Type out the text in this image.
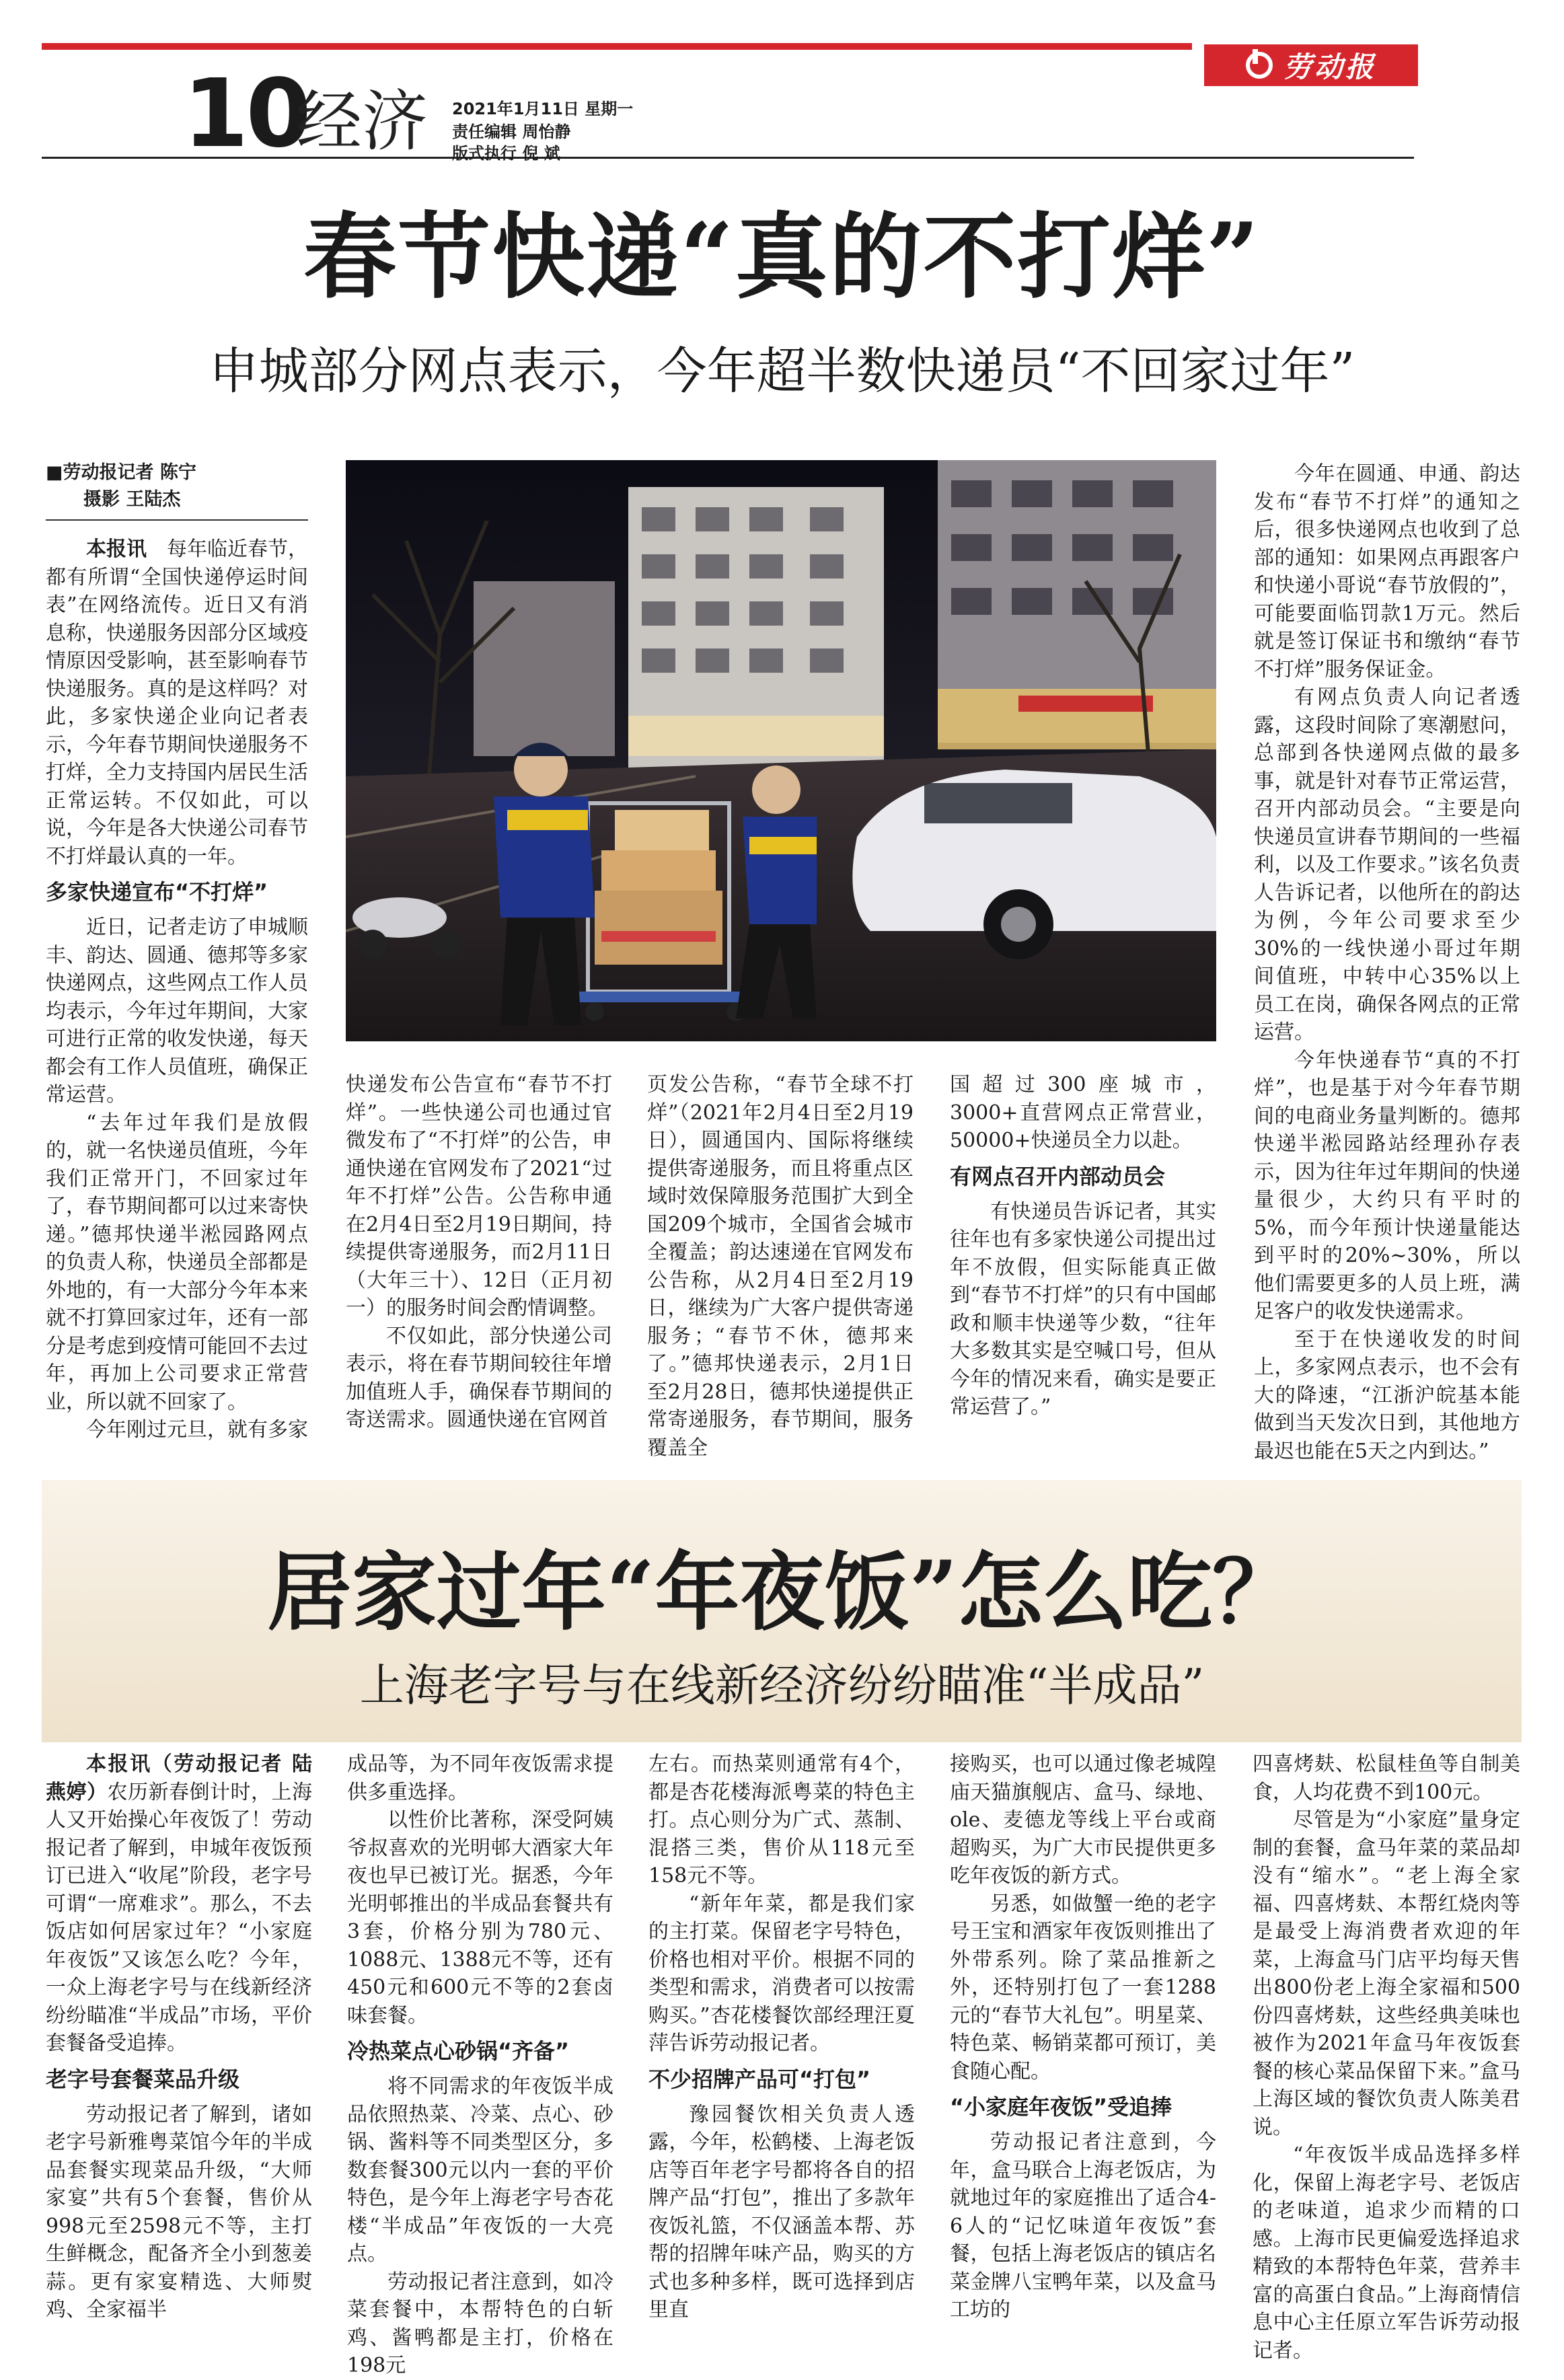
劳动报
10
经济 2021年1月11日 星期一
责任编辑 周怡静
版式执行 倪 斌
春节快递“真的不打烊”
申城部分网点表示，今年超半数快递员“不回家过年”
■劳动报记者 陈宁
摄影 王陆杰

本报讯　 每年临近春节，都有所谓“全国快递停运时间表”在网络流传。近日又有消息称，快递服务因部分区域疫情原因受影响，甚至影响春节快递服务。真的是这样吗？对此，多家快递企业向记者表示，今年春节期间快递服务不打烊，全力支持国内居民生活正常运转。不仅如此，可以说，今年是各大快递公司春节不打烊最认真的一年。

多家快递宣布“不打烊”

近日，记者走访了申城顺丰、韵达、圆通、德邦等多家快递网点，这些网点工作人员均表示，今年过年期间，大家可进行正常的收发快递，每天都会有工作人员值班，确保正常运营。

“去年过年我们是放假的，就一名快递员值班，今年我们正常开门，不回家过年了，春节期间都可以过来寄快递。”德邦快递半淞园路网点的负责人称，快递员全部都是外地的，有一大部分今年本来就不打算回家过年，还有一部分是考虑到疫情可能回不去过年，再加上公司要求正常营业，所以就不回家了。

今年刚过元旦，就有多家

快递发布公告宣布“春节不打烊”。一些快递公司也通过官微发布了“不打烊”的公告，申通快递在官网发布了2021“过年不打烊”公告。公告称申通在2月4日至2月19日期间，持续提供寄递服务，而2月11日（大年三十）、12日（正月初一）的服务时间会酌情调整。

不仅如此，部分快递公司表示，将在春节期间较往年增加值班人手，确保春节期间的寄送需求。圆通快递在官网首

页发公告称，“春节全球不打烊”（2021年2月4日至2月19日），圆通国内、国际将继续提供寄递服务，而且将重点区域时效保障服务范围扩大到全国209个城市，全国省会城市全覆盖；韵达速递在官网发布公告称，从2月4日至2月19日，继续为广大客户提供寄递服务；“春节不休，德邦来了。”德邦快递表示，2月1日至2月28日，德邦快递提供正常寄递服务，春节期间，服务覆盖全

国超过300座城市，3000+直营网点正常营业，50000+快递员全力以赴。

有网点召开内部动员会

有快递员告诉记者，其实往年也有多家快递公司提出过年不放假，但实际能真正做到“春节不打烊”的只有中国邮政和顺丰快递等少数，“往年大多数其实是空喊口号，但从今年的情况来看，确实是要正常运营了。”

今年在圆通、申通、韵达发布“春节不打烊”的通知之后，很多快递网点也收到了总部的通知：如果网点再跟客户和快递小哥说“春节放假的”，可能要面临罚款1万元。然后就是签订保证书和缴纳“春节不打烊”服务保证金。

有网点负责人向记者透露，这段时间除了寒潮慰问，总部到各快递网点做的最多事，就是针对春节正常运营，召开内部动员会。“主要是向快递员宣讲春节期间的一些福利，以及工作要求。”该名负责人告诉记者，以他所在的韵达为例，今年公司要求至少30%的一线快递小哥过年期间值班，中转中心35%以上员工在岗，确保各网点的正常运营。

今年快递春节“真的不打烊”，也是基于对今年春节期间的电商业务量判断的。德邦快递半淞园路站经理孙存表示，因为往年过年期间的快递量很少，大约只有平时的5%，而今年预计快递量能达到平时的20%~30%，所以他们需要更多的人员上班，满足客户的收发快递需求。

至于在快递收发的时间上，多家网点表示，也不会有大的降速，“江浙沪皖基本能做到当天发次日到，其他地方最迟也能在5天之内到达。”

居家过年“年夜饭”怎么吃？
上海老字号与在线新经济纷纷瞄准“半成品”

本报讯（劳动报记者 陆燕婷）农历新春倒计时，上海人又开始操心年夜饭了！劳动报记者了解到，申城年夜饭预订已进入“收尾”阶段，老字号可谓“一席难求”。那么，不去饭店如何居家过年？“小家庭年夜饭”又该怎么吃？今年，一众上海老字号与在线新经济纷纷瞄准“半成品”市场，平价套餐备受追捧。

老字号套餐菜品升级

劳动报记者了解到，诸如老字号新雅粤菜馆今年的半成品套餐实现菜品升级，“大师家宴”共有5个套餐，售价从998元至2598元不等，主打生鲜概念，配备齐全小到葱姜蒜。更有家宴精选、大师熨鸡、全家福半

成品等，为不同年夜饭需求提供多重选择。

以性价比著称，深受阿姨爷叔喜欢的光明邨大酒家大年夜也早已被订光。据悉，今年光明邨推出的半成品套餐共有3套，价格分别为780元、1088元、1388元不等，还有450元和600元不等的2套卤味套餐。

冷热菜点心砂锅“齐备”

将不同需求的年夜饭半成品依照热菜、冷菜、点心、砂锅、酱料等不同类型区分，多数套餐300元以内一套的平价特色，是今年上海老字号杏花楼“半成品”年夜饭的一大亮点。

劳动报记者注意到，如冷菜套餐中，本帮特色的白斩鸡、酱鸭都是主打，价格在198元

左右。而热菜则通常有4个，都是杏花楼海派粤菜的特色主打。点心则分为广式、蒸制、混搭三类，售价从118元至158元不等。

“新年年菜，都是我们家的主打菜。保留老字号特色，价格也相对平价。根据不同的类型和需求，消费者可以按需购买。”杏花楼餐饮部经理汪夏萍告诉劳动报记者。

不少招牌产品可“打包”

豫园餐饮相关负责人透露，今年，松鹤楼、上海老饭店等百年老字号都将各自的招牌产品“打包”，推出了多款年夜饭礼篮，不仅涵盖本帮、苏帮的招牌年味产品，购买的方式也多种多样，既可选择到店里直

接购买，也可以通过像老城隍庙天猫旗舰店、盒马、绿地、ole、麦德龙等线上平台或商超购买，为广大市民提供更多吃年夜饭的新方式。

另悉，如做蟹一绝的老字号王宝和酒家年夜饭则推出了外带系列。除了菜品推新之外，还特别打包了一套1288元的“春节大礼包”。明星菜、特色菜、畅销菜都可预订，美食随心配。

“小家庭年夜饭”受追捧

劳动报记者注意到，今年，盒马联合上海老饭店，为就地过年的家庭推出了适合4-6人的“记忆味道年夜饭”套餐，包括上海老饭店的镇店名菜金牌八宝鸭年菜，以及盒马工坊的

四喜烤麸、松鼠桂鱼等自制美食，人均花费不到100元。

尽管是为“小家庭”量身定制的套餐，盒马年菜的菜品却没有“缩水”。“老上海全家福、四喜烤麸、本帮红烧肉等是最受上海消费者欢迎的年菜，上海盒马门店平均每天售出800份老上海全家福和500份四喜烤麸，这些经典美味也被作为2021年盒马年夜饭套餐的核心菜品保留下来。”盒马上海区域的餐饮负责人陈美君说。

“年夜饭半成品选择多样化，保留上海老字号、老饭店的老味道，追求少而精的口感。上海市民更偏爱选择追求精致的本帮特色年菜，营养丰富的高蛋白食品。”上海商情信息中心主任原立军告诉劳动报记者。
